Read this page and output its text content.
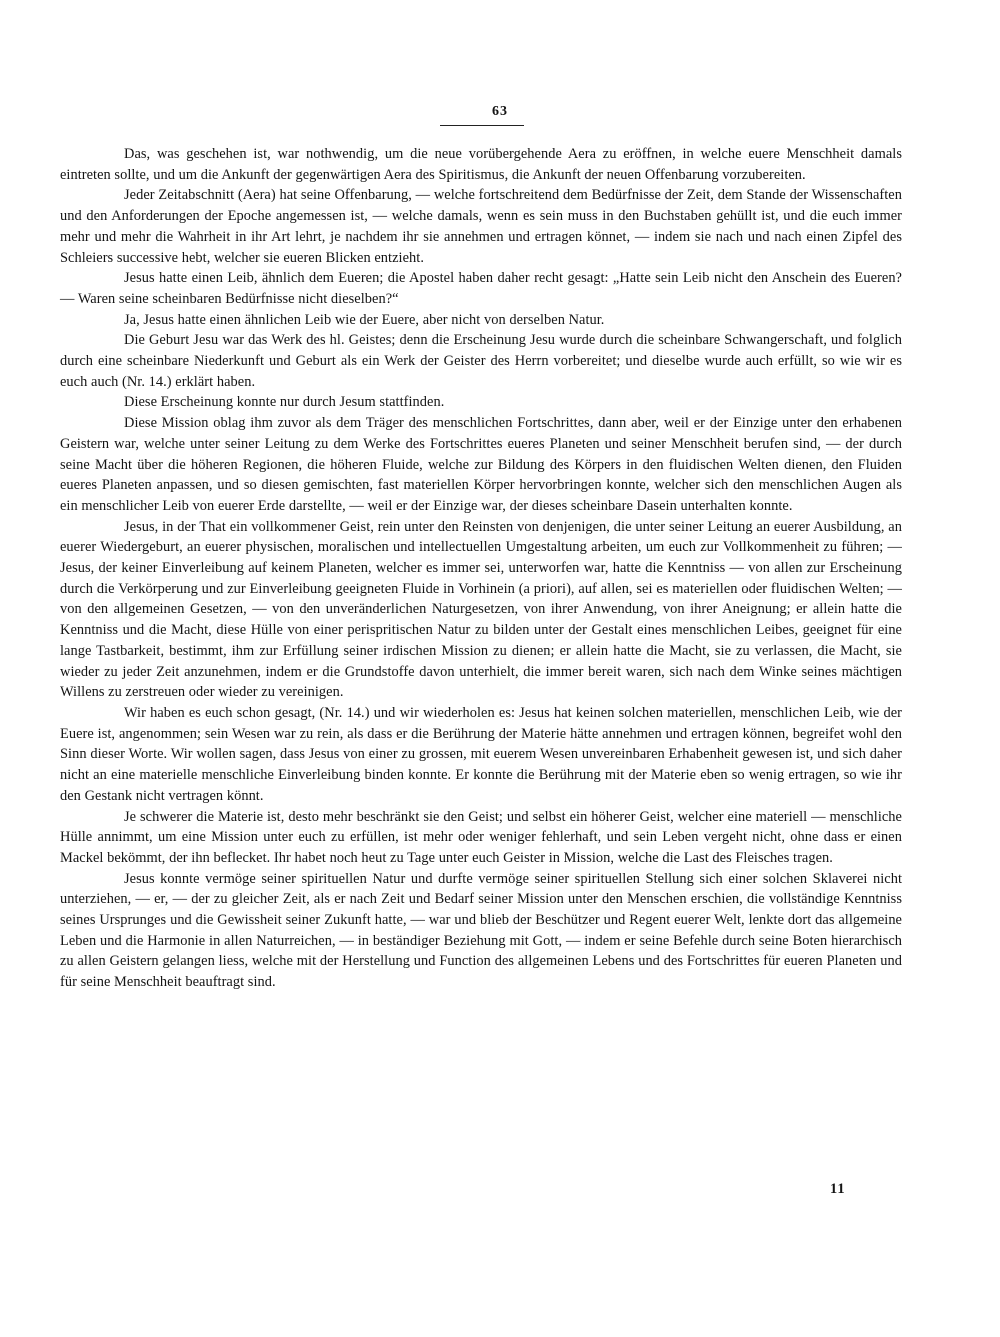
63

Das, was geschehen ist, war nothwendig, um die neue vorübergehende Aera zu eröffnen, in welche euere Menschheit damals eintreten sollte, und um die Ankunft der gegenwärtigen Aera des Spiritismus, die Ankunft der neuen Offenbarung vorzubereiten.

Jeder Zeitabschnitt (Aera) hat seine Offenbarung, — welche fortschreitend dem Bedürfnisse der Zeit, dem Stande der Wissenschaften und den Anforderungen der Epoche angemessen ist, — welche damals, wenn es sein muss in den Buchstaben gehüllt ist, und die euch immer mehr und mehr die Wahrheit in ihr Art lehrt, je nachdem ihr sie annehmen und ertragen könnet, — indem sie nach und nach einen Zipfel des Schleiers successive hebt, welcher sie eueren Blicken entzieht.

Jesus hatte einen Leib, ähnlich dem Eueren; die Apostel haben daher recht gesagt: „Hatte sein Leib nicht den Anschein des Eueren? — Waren seine scheinbaren Bedürfnisse nicht dieselben?“

Ja, Jesus hatte einen ähnlichen Leib wie der Euere, aber nicht von derselben Natur.

Die Geburt Jesu war das Werk des hl. Geistes; denn die Erscheinung Jesu wurde durch die scheinbare Schwangerschaft, und folglich durch eine scheinbare Niederkunft und Geburt als ein Werk der Geister des Herrn vorbereitet; und dieselbe wurde auch erfüllt, so wie wir es euch auch (Nr. 14.) erklärt haben.

Diese Erscheinung konnte nur durch Jesum stattfinden.

Diese Mission oblag ihm zuvor als dem Träger des menschlichen Fortschrittes, dann aber, weil er der Einzige unter den erhabenen Geistern war, welche unter seiner Leitung zu dem Werke des Fortschrittes eueres Planeten und seiner Menschheit berufen sind, — der durch seine Macht über die höheren Regionen, die höheren Fluide, welche zur Bildung des Körpers in den fluidischen Welten dienen, den Fluiden eueres Planeten anpassen, und so diesen gemischten, fast materiellen Körper hervorbringen konnte, welcher sich den menschlichen Augen als ein menschlicher Leib von euerer Erde darstellte, — weil er der Einzige war, der dieses scheinbare Dasein unterhalten konnte.

Jesus, in der That ein vollkommener Geist, rein unter den Reinsten von denjenigen, die unter seiner Leitung an euerer Ausbildung, an euerer Wiedergeburt, an euerer physischen, moralischen und intellectuellen Umgestaltung arbeiten, um euch zur Vollkommenheit zu führen; — Jesus, der keiner Einverleibung auf keinem Planeten, welcher es immer sei, unterworfen war, hatte die Kenntniss — von allen zur Erscheinung durch die Verkörperung und zur Einverleibung geeigneten Fluide in Vorhinein (a priori), auf allen, sei es materiellen oder fluidischen Welten; — von den allgemeinen Gesetzen, — von den unveränderlichen Naturgesetzen, von ihrer Anwendung, von ihrer Aneignung; er allein hatte die Kenntniss und die Macht, diese Hülle von einer perispritischen Natur zu bilden unter der Gestalt eines menschlichen Leibes, geeignet für eine lange Tastbarkeit, bestimmt, ihm zur Erfüllung seiner irdischen Mission zu dienen; er allein hatte die Macht, sie zu verlassen, die Macht, sie wieder zu jeder Zeit anzunehmen, indem er die Grundstoffe davon unterhielt, die immer bereit waren, sich nach dem Winke seines mächtigen Willens zu zerstreuen oder wieder zu vereinigen.

Wir haben es euch schon gesagt, (Nr. 14.) und wir wiederholen es: Jesus hat keinen solchen materiellen, menschlichen Leib, wie der Euere ist, angenommen; sein Wesen war zu rein, als dass er die Berührung der Materie hätte annehmen und ertragen können, begreifet wohl den Sinn dieser Worte. Wir wollen sagen, dass Jesus von einer zu grossen, mit euerem Wesen unvereinbaren Erhabenheit gewesen ist, und sich daher nicht an eine materielle menschliche Einverleibung binden konnte. Er konnte die Berührung mit der Materie eben so wenig ertragen, so wie ihr den Gestank nicht vertragen könnt.

Je schwerer die Materie ist, desto mehr beschränkt sie den Geist; und selbst ein höherer Geist, welcher eine materiell — menschliche Hülle annimmt, um eine Mission unter euch zu erfüllen, ist mehr oder weniger fehlerhaft, und sein Leben vergeht nicht, ohne dass er einen Mackel bekömmt, der ihn beflecket. Ihr habet noch heut zu Tage unter euch Geister in Mission, welche die Last des Fleisches tragen.

Jesus konnte vermöge seiner spirituellen Natur und durfte vermöge seiner spirituellen Stellung sich einer solchen Sklaverei nicht unterziehen, — er, — der zu gleicher Zeit, als er nach Zeit und Bedarf seiner Mission unter den Menschen erschien, die vollständige Kenntniss seines Ursprunges und die Gewissheit seiner Zukunft hatte, — war und blieb der Beschützer und Regent euerer Welt, lenkte dort das allgemeine Leben und die Harmonie in allen Naturreichen, — in beständiger Beziehung mit Gott, — indem er seine Befehle durch seine Boten hierarchisch zu allen Geistern gelangen liess, welche mit der Herstellung und Function des allgemeinen Lebens und des Fortschrittes für eueren Planeten und für seine Menschheit beauftragt sind.

11
